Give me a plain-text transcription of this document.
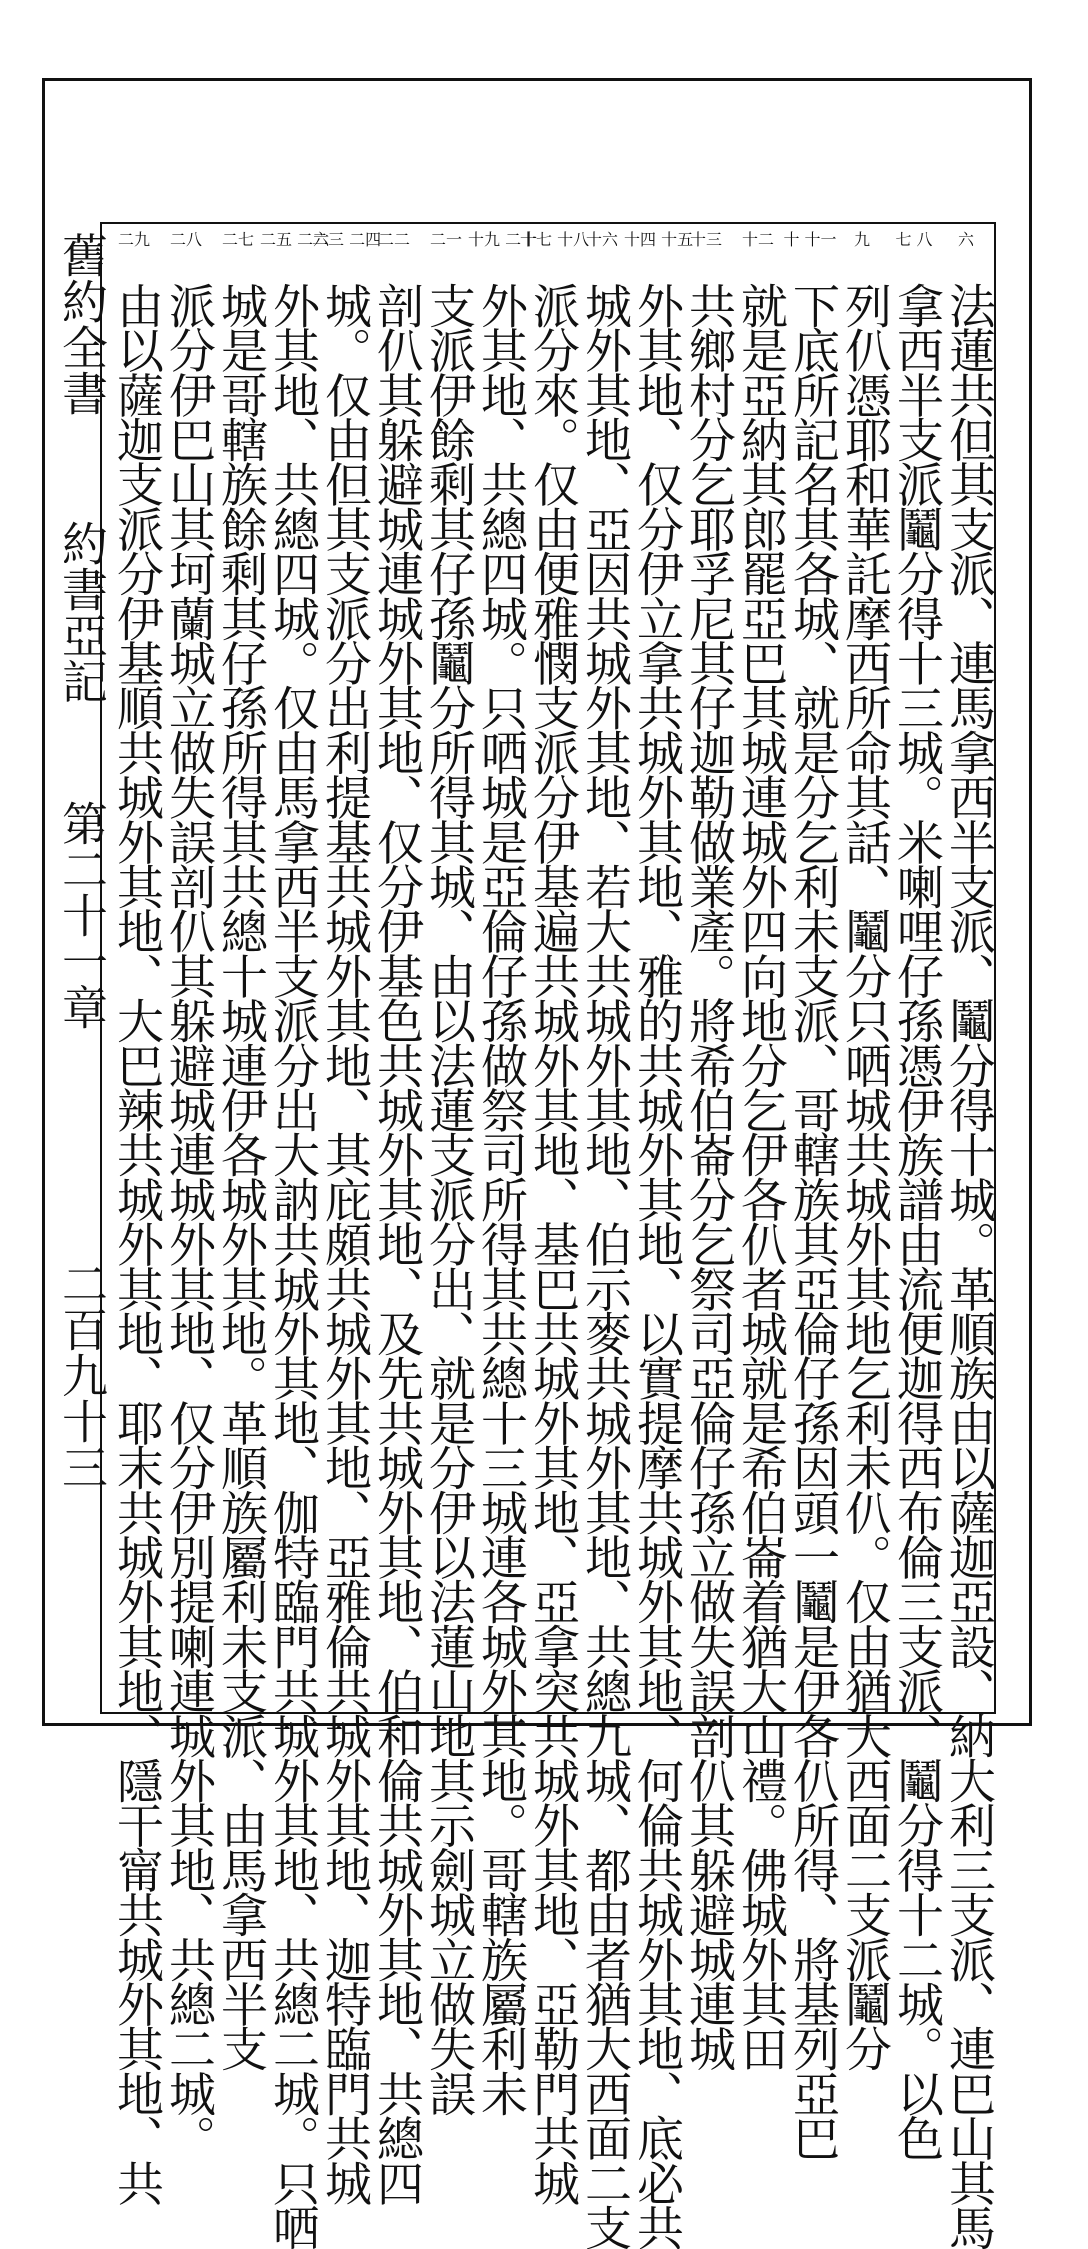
舊約全書
約書亞記
第二十一章
二百九十三
六
七 八
九
十 十一
十二
十三
十四 十五
十六
十七 十八
十九 二十
二一
二二
二三 二四
二五 二六
二七
二八
二九
法蓮共但其支派、連馬拿西半支派、鬮分得十城。革順族由以薩迦亞設、納大利三支派、連巴山其馬
拿西半支派鬮分得十三城。米喇哩仔孫憑伊族譜由流便迦得西布倫三支派、鬮分得十二城。以色
列仈憑耶和華託摩西所命其話、鬮分只哂城共城外其地乞利未仈。仅由猶大西面二支派鬮分
下底所記名其各城、就是分乞利未支派、哥轄族其亞倫仔孫因頭一鬮是伊各仈所得、將基列亞巴
就是亞納其郎罷亞巴其城連城外四向地分乞伊各仈者城就是希伯崙着猶大山禮。佛城外其田
共鄉村分乞耶孚尼其仔迦勒做業產。將希伯崙分乞祭司亞倫仔孫立做失誤剖仈其躲避城連城
外其地、仅分伊立拿共城外其地、雅的共城外其地、以實提摩共城外其地、何倫共城外其地、底必共
城外其地、亞因共城外其地、若大共城外其地、伯示麥共城外其地、共總九城、都由者猶大西面二支
派分來。仅由便雅憫支派分伊基遍共城外其地、基巴共城外其地、亞拿突共城外其地、亞勒門共城
外其地、共總四城。只哂城是亞倫仔孫做祭司所得其共總十三城連各城外其地。哥轄族屬利未
支派伊餘剩其仔孫鬮分所得其城、由以法蓮支派分出、就是分伊以法蓮山地其示劍城立做失誤
剖仈其躲避城連城外其地、仅分伊基色共城外其地、及先共城外其地、伯和倫共城外其地、共總四
城。仅由但其支派分出利提基共城外其地、其庇頗共城外其地、亞雅倫共城外其地、迦特臨門共城
外其地、共總四城。仅由馬拿西半支派分出大訥共城外其地、伽特臨門共城外其地、共總二城。只哂
城是哥轄族餘剩其仔孫所得其共總十城連伊各城外其地。革順族屬利未支派、由馬拿西半支
派分伊巴山其坷蘭城立做失誤剖仈其躲避城連城外其地、仅分伊別提喇連城外其地、共總二城。
由以薩迦支派分伊基順共城外其地、大巴辣共城外其地、耶末共城外其地、隱干甯共城外其地、共
